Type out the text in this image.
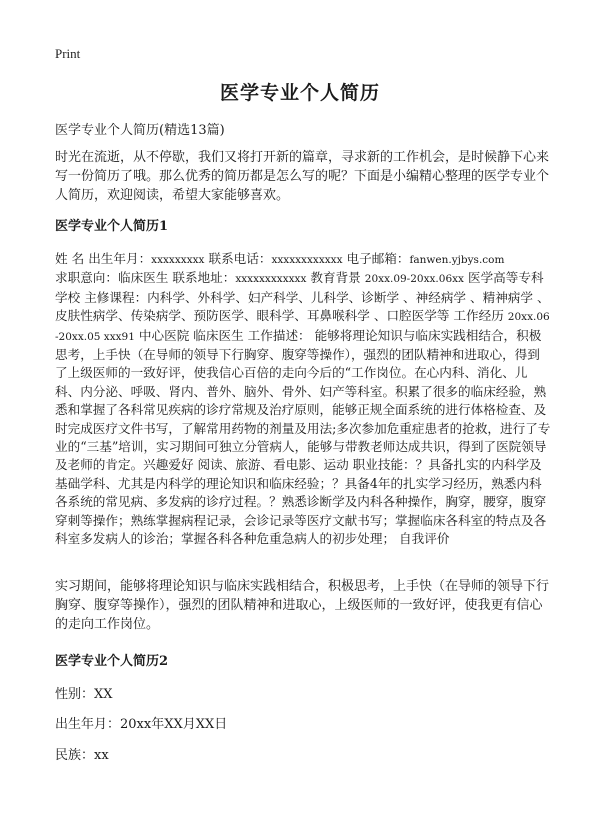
Print
医学专业个人简历
医学专业个人简历(精选13篇)
时光在流逝，从不停歇，我们又将打开新的篇章，寻求新的工作机会，是时候静下心来写一份简历了哦。那么优秀的简历都是怎么写的呢？下面是小编精心整理的医学专业个人简历，欢迎阅读，希望大家能够喜欢。
医学专业个人简历1
姓 名 出生年月：xxxxxxxxx 联系电话：xxxxxxxxxxxx 电子邮箱：fanwen.yjbys.com
求职意向：临床医生 联系地址：xxxxxxxxxxxx 教育背景 20xx.09-20xx.06xx 医学高等专科学校 主修课程：内科学、外科学、妇产科学、儿科学、诊断学 、神经病学 、精神病学 、皮肤性病学、传染病学、预防医学、眼科学、耳鼻喉科学 、口腔医学等 工作经历 20xx.06-20xx.05 xxx91 中心医院 临床医生 工作描述： 能够将理论知识与临床实践相结合，积极思考，上手快（在导师的领导下行胸穿、腹穿等操作），强烈的团队精神和进取心，得到了上级医师的一致好评，使我信心百倍的走向今后的“工作岗位。在心内科、消化、儿科、内分泌、呼吸、肾内、普外、脑外、骨外、妇产等科室。积累了很多的临床经验，熟悉和掌握了各科常见疾病的诊疗常规及治疗原则，能够正规全面系统的进行体格检查、及时完成医疗文件书写，了解常用药物的剂量及用法;多次参加危重症患者的抢救，进行了专业的“三基”培训，实习期间可独立分管病人，能够与带教老师达成共识，得到了医院领导及老师的肯定。兴趣爱好 阅读、旅游、看电影、运动 职业技能：？具备扎实的内科学及基础学科、尤其是内科学的理论知识和临床经验；？具备4年的扎实学习经历，熟悉内科各系统的常见病、多发病的诊疗过程。？熟悉诊断学及内科各种操作，胸穿，腰穿，腹穿穿刺等操作；熟练掌握病程记录，会诊记录等医疗文献书写；掌握临床各科室的特点及各科室多发病人的诊治；掌握各科各种危重急病人的初步处理； 自我评价
实习期间，能够将理论知识与临床实践相结合，积极思考，上手快（在导师的领导下行胸穿、腹穿等操作），强烈的团队精神和进取心，上级医师的一致好评，使我更有信心的走向工作岗位。
医学专业个人简历2
性别：XX
出生年月：20xx年XX月XX日
民族：xx
